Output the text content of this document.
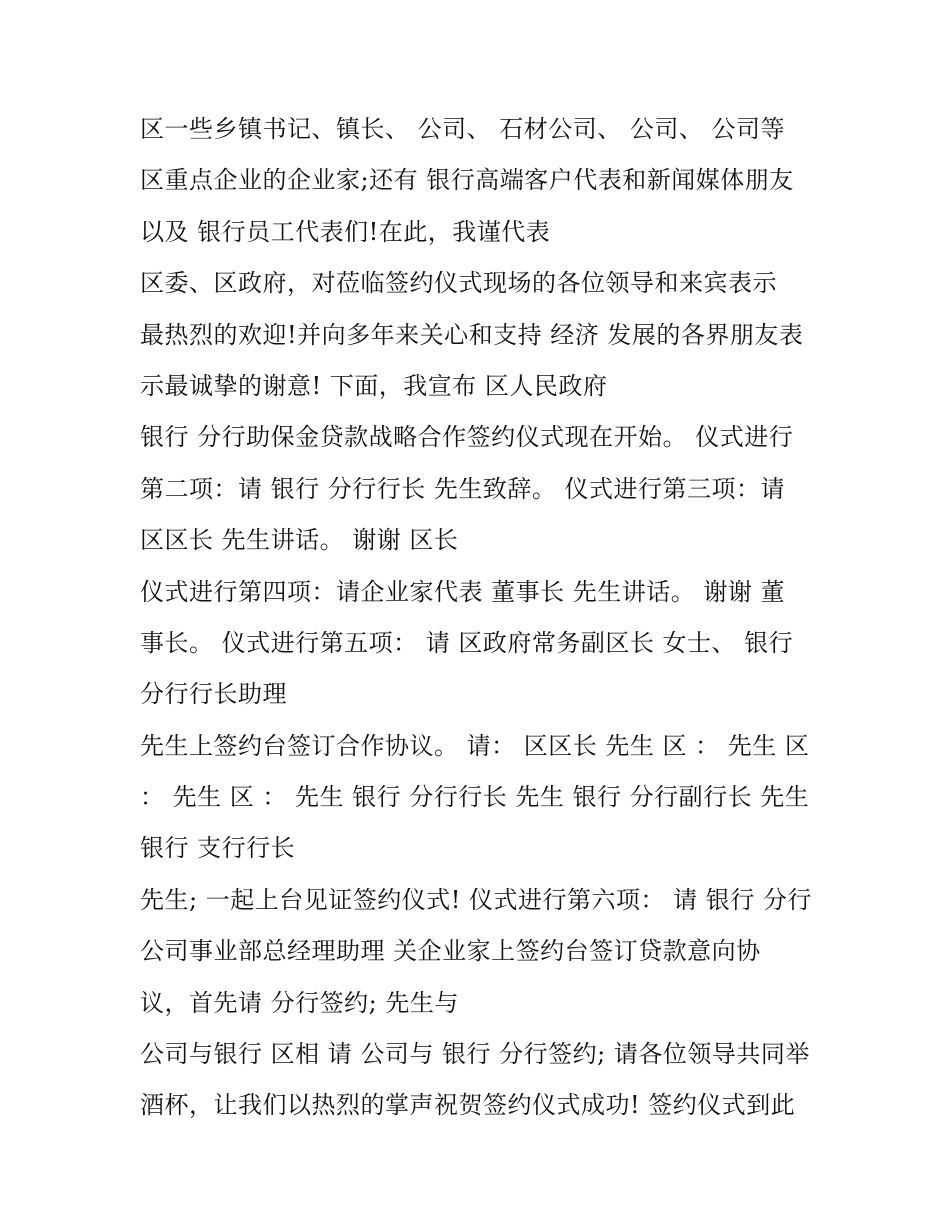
区一些乡镇书记、镇长、 公司、 石材公司、 公司、 公司等
区重点企业的企业家;还有 银行高端客户代表和新闻媒体朋友
以及 银行员工代表们!在此，我谨代表
区委、区政府，对莅临签约仪式现场的各位领导和来宾表示
最热烈的欢迎!并向多年来关心和支持 经济 发展的各界朋友表
示最诚挚的谢意! 下面，我宣布 区人民政府
银行 分行助保金贷款战略合作签约仪式现在开始。 仪式进行
第二项：请 银行 分行行长 先生致辞。 仪式进行第三项：请
区区长 先生讲话。 谢谢 区长
仪式进行第四项：请企业家代表 董事长 先生讲话。 谢谢 董
事长。 仪式进行第五项： 请 区政府常务副区长 女士、 银行
分行行长助理
先生上签约台签订合作协议。 请： 区区长 先生 区 ： 先生 区
： 先生 区 ： 先生 银行 分行行长 先生 银行 分行副行长 先生
银行 支行行长
先生; 一起上台见证签约仪式! 仪式进行第六项： 请 银行 分行
公司事业部总经理助理 关企业家上签约台签订贷款意向协
议，首先请 分行签约; 先生与
公司与银行 区相 请 公司与 银行 分行签约; 请各位领导共同举
酒杯，让我们以热烈的掌声祝贺签约仪式成功! 签约仪式到此
